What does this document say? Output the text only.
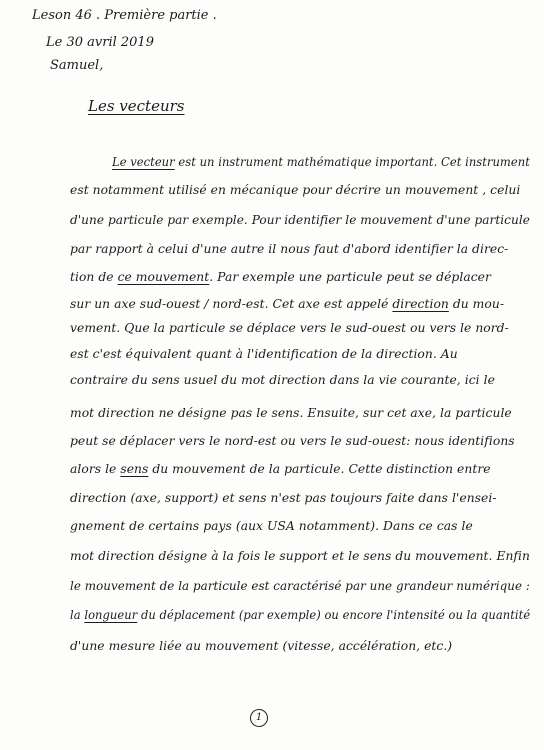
Leson 46 . Première partie .
Le 30 avril 2019
Samuel,
Les vecteurs
Le vecteur est un instrument mathématique important. Cet instrument
est notamment utilisé en mécanique pour décrire un mouvement , celui
d'une particule par exemple. Pour identifier le mouvement d'une particule
par rapport à celui d'une autre il nous faut d'abord identifier la direc-
tion de ce mouvement. Par exemple une particule peut se déplacer
sur un axe sud-ouest / nord-est. Cet axe est appelé direction du mou-
vement. Que la particule se déplace vers le sud-ouest ou vers le nord-
est c'est équivalent quant à l'identification de la direction. Au
contraire du sens usuel du mot direction dans la vie courante, ici le
mot direction ne désigne pas le sens. Ensuite, sur cet axe, la particule
peut se déplacer vers le nord-est ou vers le sud-ouest: nous identifions
alors le sens du mouvement de la particule. Cette distinction entre
direction (axe, support) et sens n'est pas toujours faite dans l'ensei-
gnement de certains pays (aux USA notamment). Dans ce cas le
mot direction désigne à la fois le support et le sens du mouvement. Enfin
le mouvement de la particule est caractérisé par une grandeur numérique :
la longueur du déplacement (par exemple) ou encore l'intensité ou la quantité
d'une mesure liée au mouvement (vitesse, accélération, etc.)
1
